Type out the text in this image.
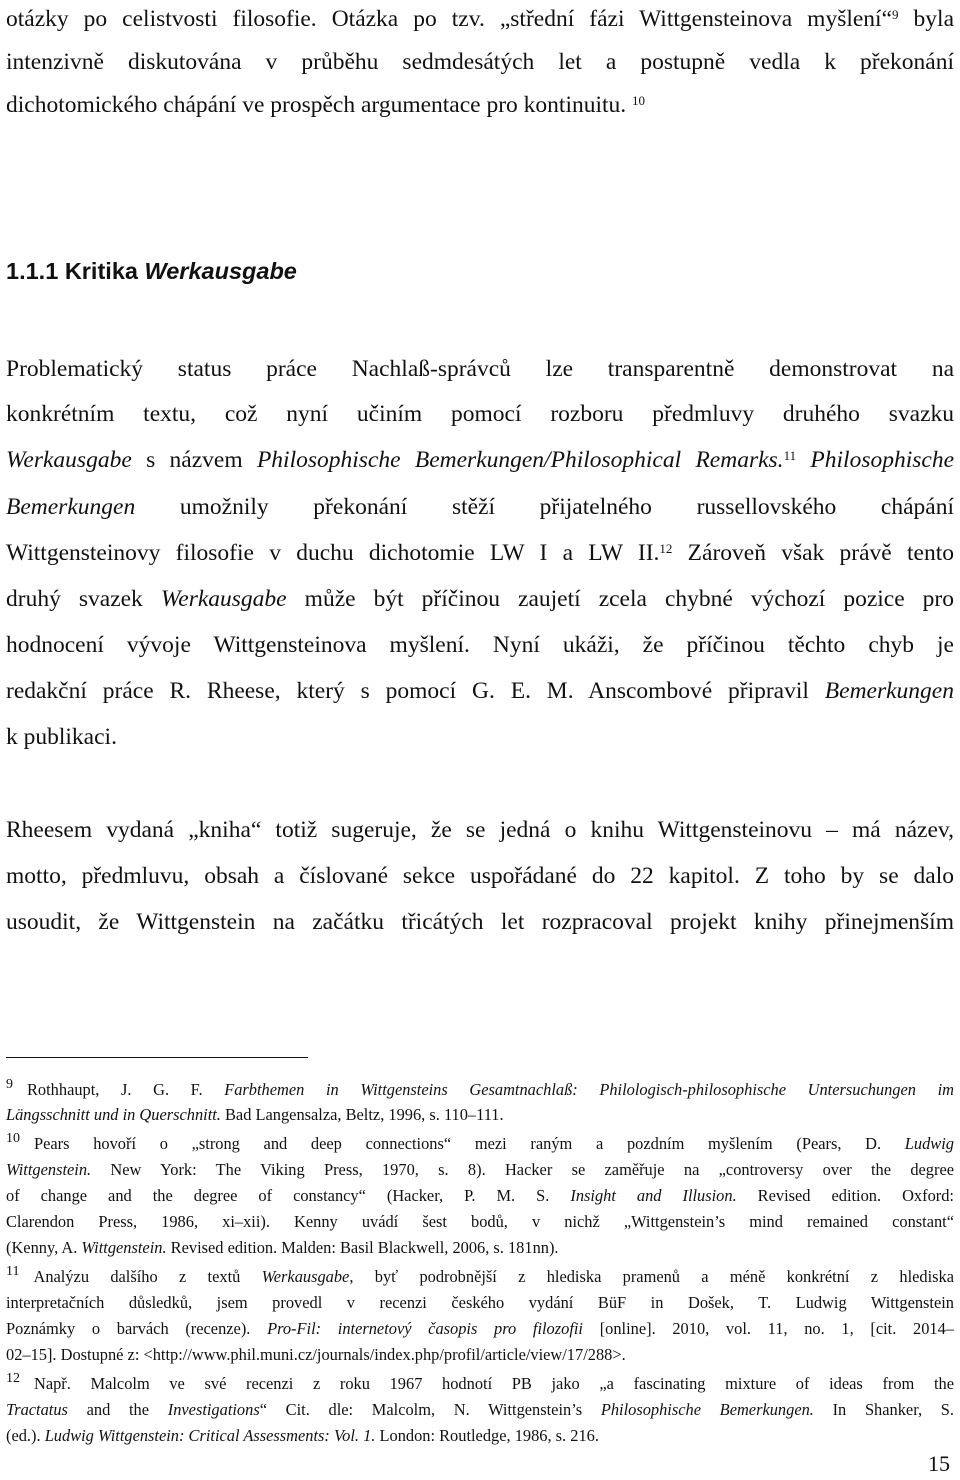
otázky po celistvosti filosofie. Otázka po tzv. „střední fázi Wittgensteinova myšlení“$^9$ byla
intenzivně diskutována v průběhu sedmdesátých let a postupně vedla k překonání
dichotomického chápání ve prospěch argumentace pro kontinuitu. $^{10}$
1.1.1 Kritika Werkausgabe
Problematický status práce Nachlaß-správců lze transparentně demonstrovat na
konkrétním textu, což nyní učiním pomocí rozboru předmluvy druhého svazku
Werkausgabe s názvem Philosophische Bemerkungen/Philosophical Remarks.$^{11}$ Philosophische
Bemerkungen umožnily překonání stěží přijatelného russellovského chápání
Wittgensteinovy filosofie v duchu dichotomie LW I a LW II.$^{12}$ Zároveň však právě tento
druhý svazek Werkausgabe může být příčinou zaujetí zcela chybné výchozí pozice pro
hodnocení vývoje Wittgensteinova myšlení. Nyní ukáži, že příčinou těchto chyb je
redakční práce R. Rheese, který s pomocí G. E. M. Anscombové připravil Bemerkungen
k publikaci.
Rheesem vydaná „kniha“ totiž sugeruje, že se jedná o knihu Wittgensteinovu – má název,
motto, předmluvu, obsah a číslované sekce uspořádané do 22 kapitol. Z toho by se dalo
usoudit, že Wittgenstein na začátku třicátých let rozpracoval projekt knihy přinejmenším
9 Rothhaupt, J. G. F. Farbthemen in Wittgensteins Gesamtnachlaß: Philologisch-philosophische Untersuchungen im
Längsschnitt und in Querschnitt. Bad Langensalza, Beltz, 1996, s. 110–111.
10 Pears hovoří o „strong and deep connections“ mezi raným a pozdním myšlením (Pears, D. Ludwig
Wittgenstein. New York: The Viking Press, 1970, s. 8). Hacker se zaměřuje na „controversy over the degree
of change and the degree of constancy“ (Hacker, P. M. S. Insight and Illusion. Revised edition. Oxford:
Clarendon Press, 1986, xi–xii). Kenny uvádí šest bodů, v nichž „Wittgenstein’s mind remained constant“
(Kenny, A. Wittgenstein. Revised edition. Malden: Basil Blackwell, 2006, s. 181nn).
11 Analýzu dalšího z textů Werkausgabe, byť podrobnější z hlediska pramenů a méně konkrétní z hlediska
interpretačních důsledků, jsem provedl v recenzi českého vydání BüF in Došek, T. Ludwig Wittgenstein
Poznámky o barvách (recenze). Pro-Fil: internetový časopis pro filozofii [online]. 2010, vol. 11, no. 1, [cit. 2014–
02–15]. Dostupné z: <http://www.phil.muni.cz/journals/index.php/profil/article/view/17/288>.
12 Např. Malcolm ve své recenzi z roku 1967 hodnotí PB jako „a fascinating mixture of ideas from the
Tractatus and the Investigations“ Cit. dle: Malcolm, N. Wittgenstein’s Philosophische Bemerkungen. In Shanker, S.
(ed.). Ludwig Wittgenstein: Critical Assessments: Vol. 1. London: Routledge, 1986, s. 216.
15
